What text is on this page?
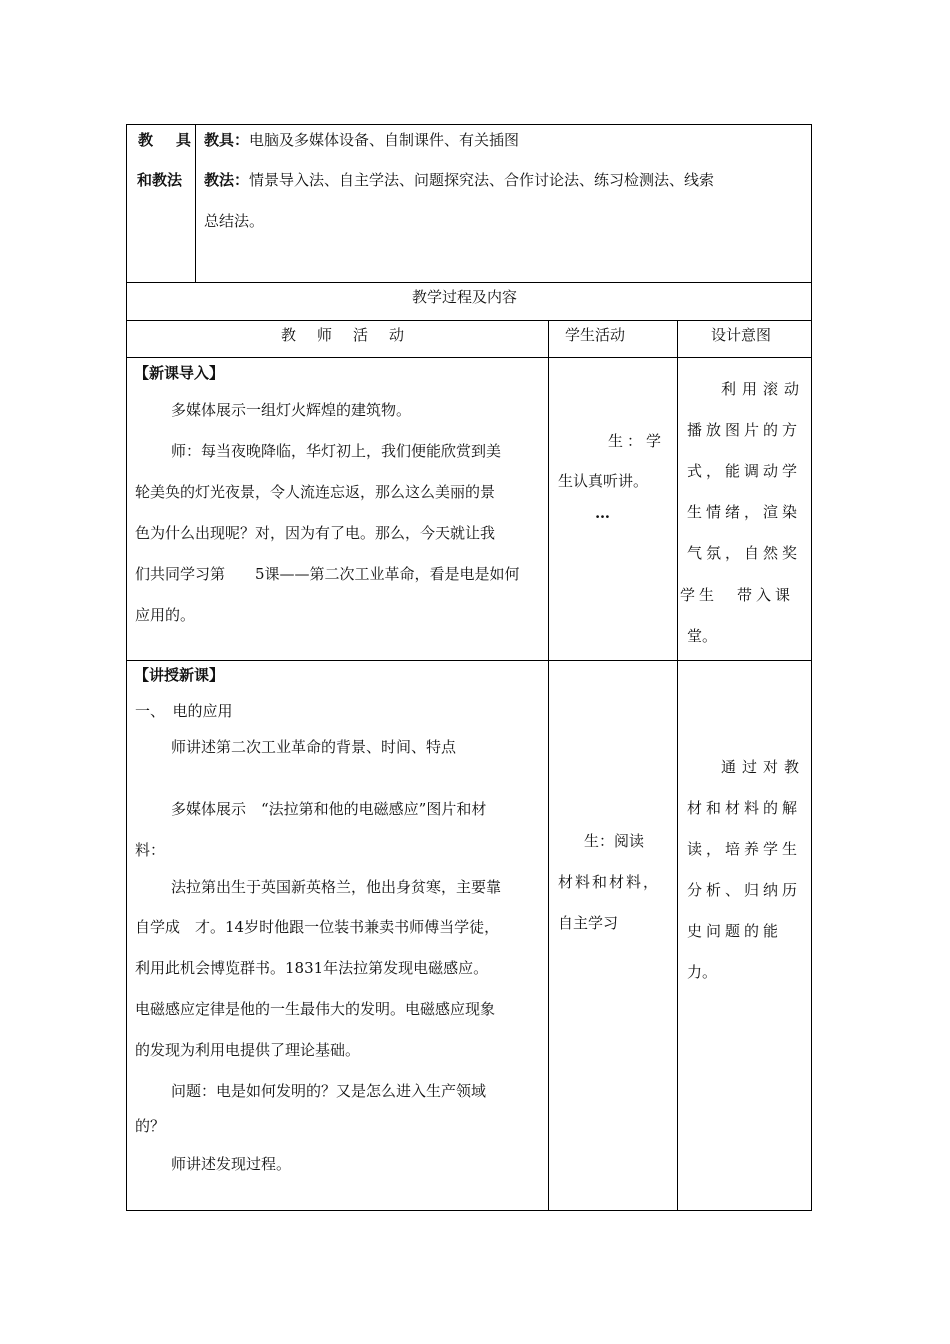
教　具
和教法
教具： 电脑及多媒体设备、自制课件、有关插图
教法： 情景导入法、自主学法、问题探究法、合作讨论法、练习检测法、线索
总结法。
教学过程及内容
教　师　活　动	学生活动	设计意图
【新课导入】
多媒体展示一组灯火辉煌的建筑物。
师：每当夜晚降临，华灯初上，我们便能欣赏到美
轮美奂的灯光夜景，令人流连忘返，那么这么美丽的景
色为什么出现呢？对，因为有了电。那么，今天就让我
们共同学习第　　5课——第二次工业革命，看是电是如何
应用的。
生：学
生认真听讲。
…
利用滚动
播放图片的方
式，能调动学
生情绪，渲染
气氛，自然奖
学生　带入课
堂。
【讲授新课】
一、　电的应用
师讲述第二次工业革命的背景、时间、特点
多媒体展示　“法拉第和他的电磁感应”图片和材
料：
法拉第出生于英国新英格兰，他出身贫寒，主要靠
自学成　才。14岁时他跟一位装书兼卖书师傅当学徒，
利用此机会博览群书。1831年法拉第发现电磁感应。
电磁感应定律是他的一生最伟大的发明。电磁感应现象
的发现为利用电提供了理论基础。
问题：电是如何发明的？又是怎么进入生产领域
的？
师讲述发现过程。
生：阅读
材料和材料，
自主学习
通过对教
材和材料的解
读，培养学生
分析、归纳历
史问题的能
力。
